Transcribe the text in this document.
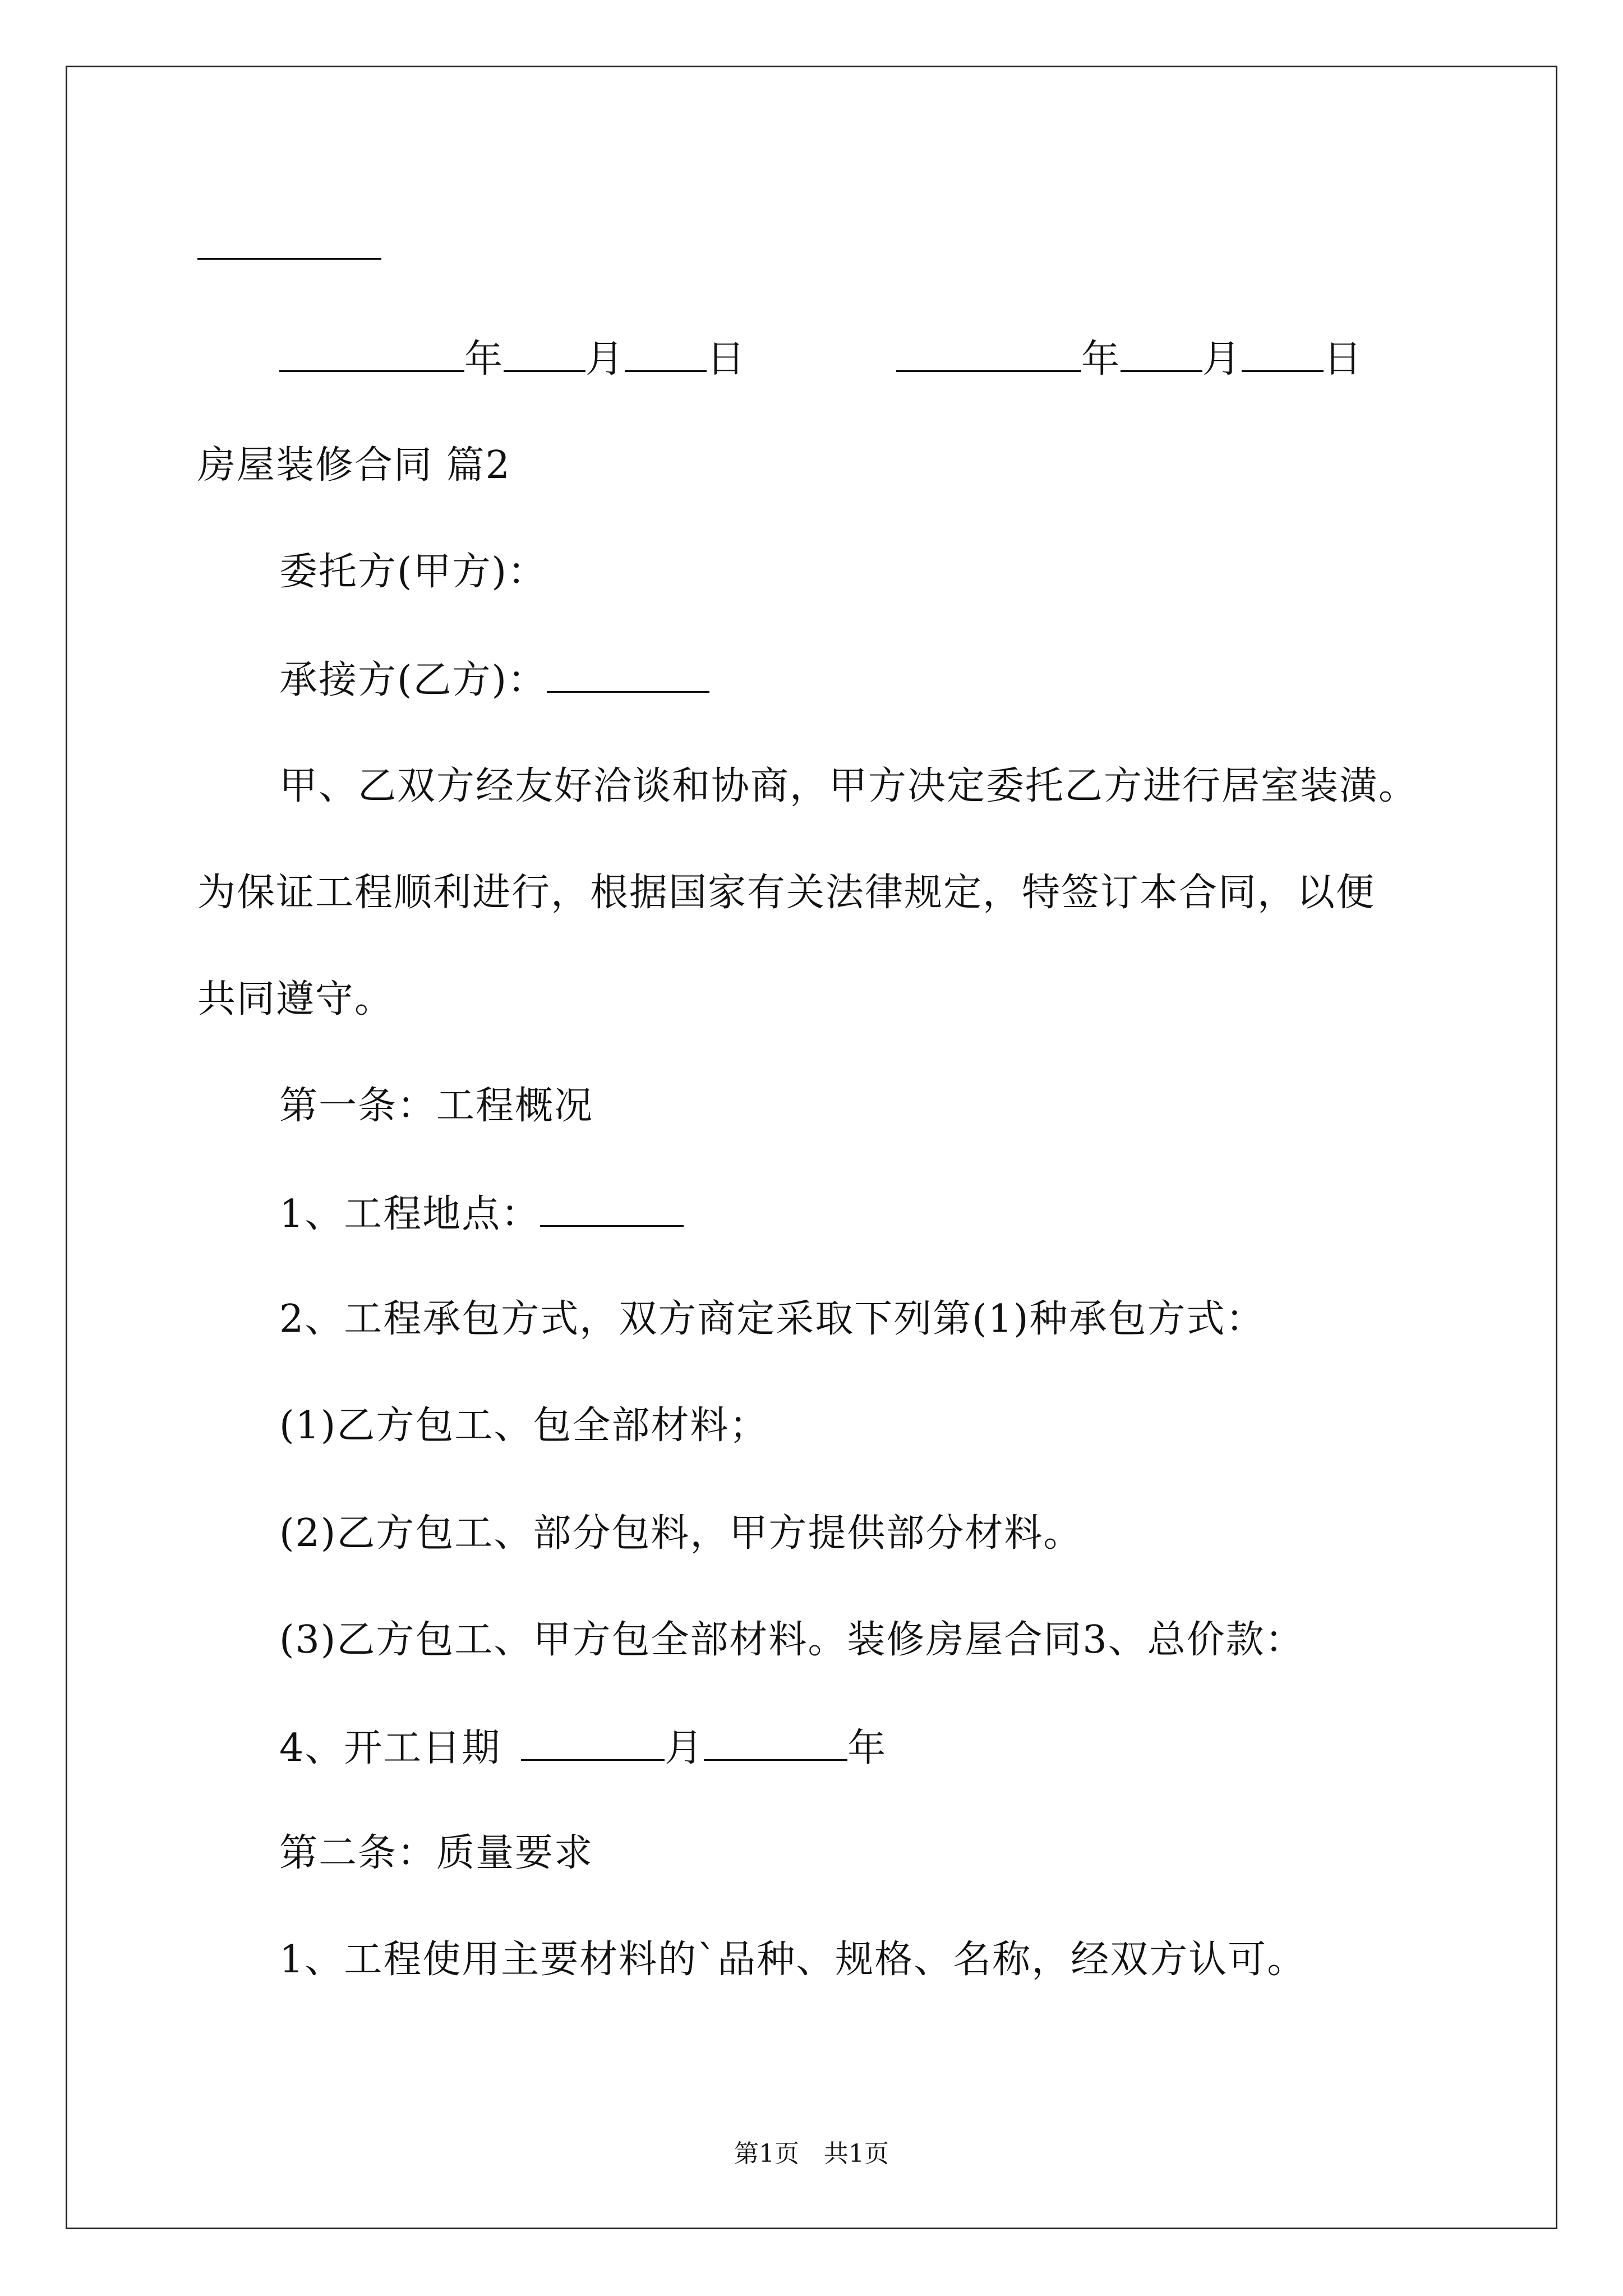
年 月 日	年 月 日
房屋装修合同 篇2
委托方(甲方)：
承接方(乙方)：
甲、乙双方经友好洽谈和协商，甲方决定委托乙方进行居室装潢。
为保证工程顺利进行，根据国家有关法律规定，特签订本合同，以便
共同遵守。
第一条：工程概况
1、工程地点：
2、工程承包方式，双方商定采取下列第(1)种承包方式：
(1)乙方包工、包全部材料；
(2)乙方包工、部分包料，甲方提供部分材料。
(3)乙方包工、甲方包全部材料。装修房屋合同3、总价款：
4、开工日期	月	年
第二条：质量要求
1、工程使用主要材料的`品种、规格、名称，经双方认可。
第1页　共1页
